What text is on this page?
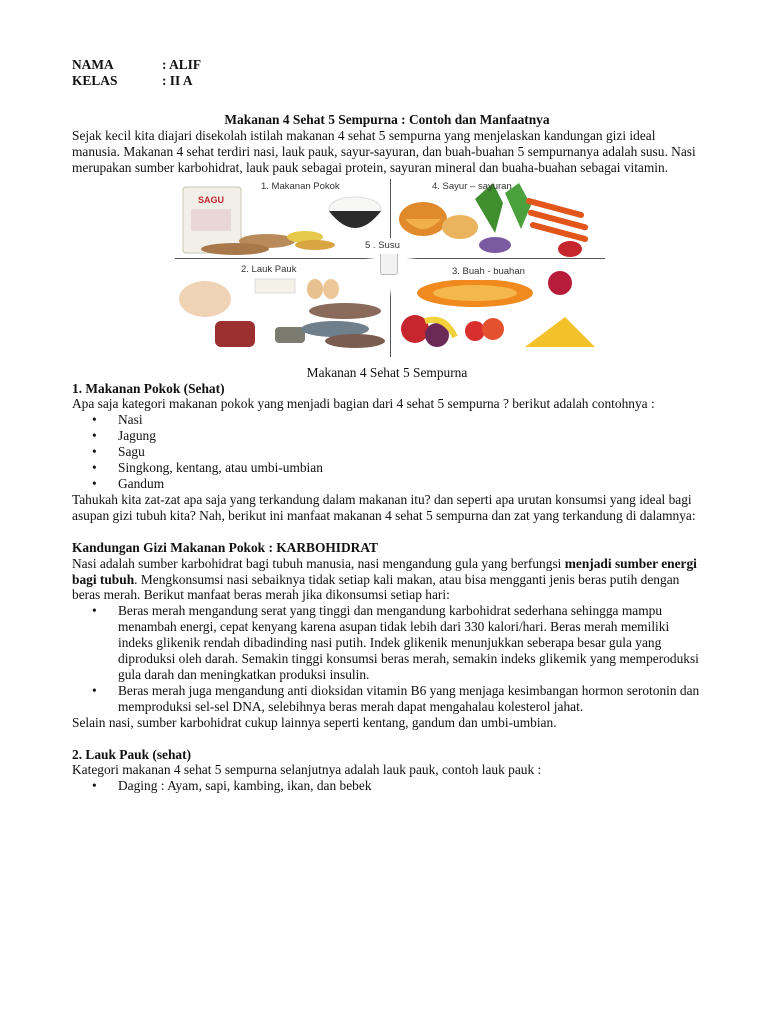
NAMA	: ALIF
KELAS	: II A
Makanan 4 Sehat 5 Sempurna : Contoh dan Manfaatnya

Sejak kecil kita diajari disekolah istilah makanan 4 sehat 5 sempurna yang menjelaskan kandungan gizi ideal manusia. Makanan 4 sehat terdiri nasi, lauk pauk, sayur-sayuran, dan buah-buahan 5 sempurnanya adalah susu. Nasi merupakan sumber karbohidrat, lauk pauk sebagai protein, sayuran mineral dan buaha-buahan sebagai vitamin.

SAGU
1. Makanan Pokok	4. Sayur – sayuran
5 . Susu
2. Lauk Pauk	3. Buah - buahan
Makanan 4 Sehat 5 Sempurna
1. Makanan Pokok (Sehat)

Apa saja kategori makanan pokok yang menjadi bagian dari 4 sehat 5 sempurna ? berikut adalah contohnya :

• Nasi
• Jagung
• Sagu
• Singkong, kentang, atau umbi-umbian
• Gandum

Tahukah kita zat-zat apa saja yang terkandung dalam makanan itu? dan seperti apa urutan konsumsi yang ideal bagi asupan gizi tubuh kita? Nah, berikut ini manfaat makanan 4 sehat 5 sempurna dan zat yang terkandung di dalamnya:

Kandungan Gizi Makanan Pokok : KARBOHIDRAT

Nasi adalah sumber karbohidrat bagi tubuh manusia, nasi mengandung gula yang berfungsi menjadi sumber energi bagi tubuh. Mengkonsumsi nasi sebaiknya tidak setiap kali makan, atau bisa mengganti jenis beras putih dengan beras merah. Berikut manfaat beras merah jika dikonsumsi setiap hari:

• Beras merah mengandung serat yang tinggi dan mengandung karbohidrat sederhana sehingga mampu menambah energi, cepat kenyang karena asupan tidak lebih dari 330 kalori/hari. Beras merah memiliki indeks glikenik rendah dibadinding nasi putih. Indek glikenik menunjukkan seberapa besar gula yang diproduksi oleh darah. Semakin tinggi konsumsi beras merah, semakin indeks glikemik yang memperoduksi gula darah dan meningkatkan produksi insulin.
• Beras merah juga mengandung anti dioksidan vitamin B6 yang menjaga kesimbangan hormon serotonin dan memproduksi sel-sel DNA, selebihnya beras merah dapat mengahalau kolesterol jahat.

Selain nasi, sumber karbohidrat cukup lainnya seperti kentang, gandum dan umbi-umbian.

2. Lauk Pauk (sehat)

Kategori makanan 4 sehat 5 sempurna selanjutnya adalah lauk pauk, contoh lauk pauk :

• Daging : Ayam, sapi, kambing, ikan, dan bebek
